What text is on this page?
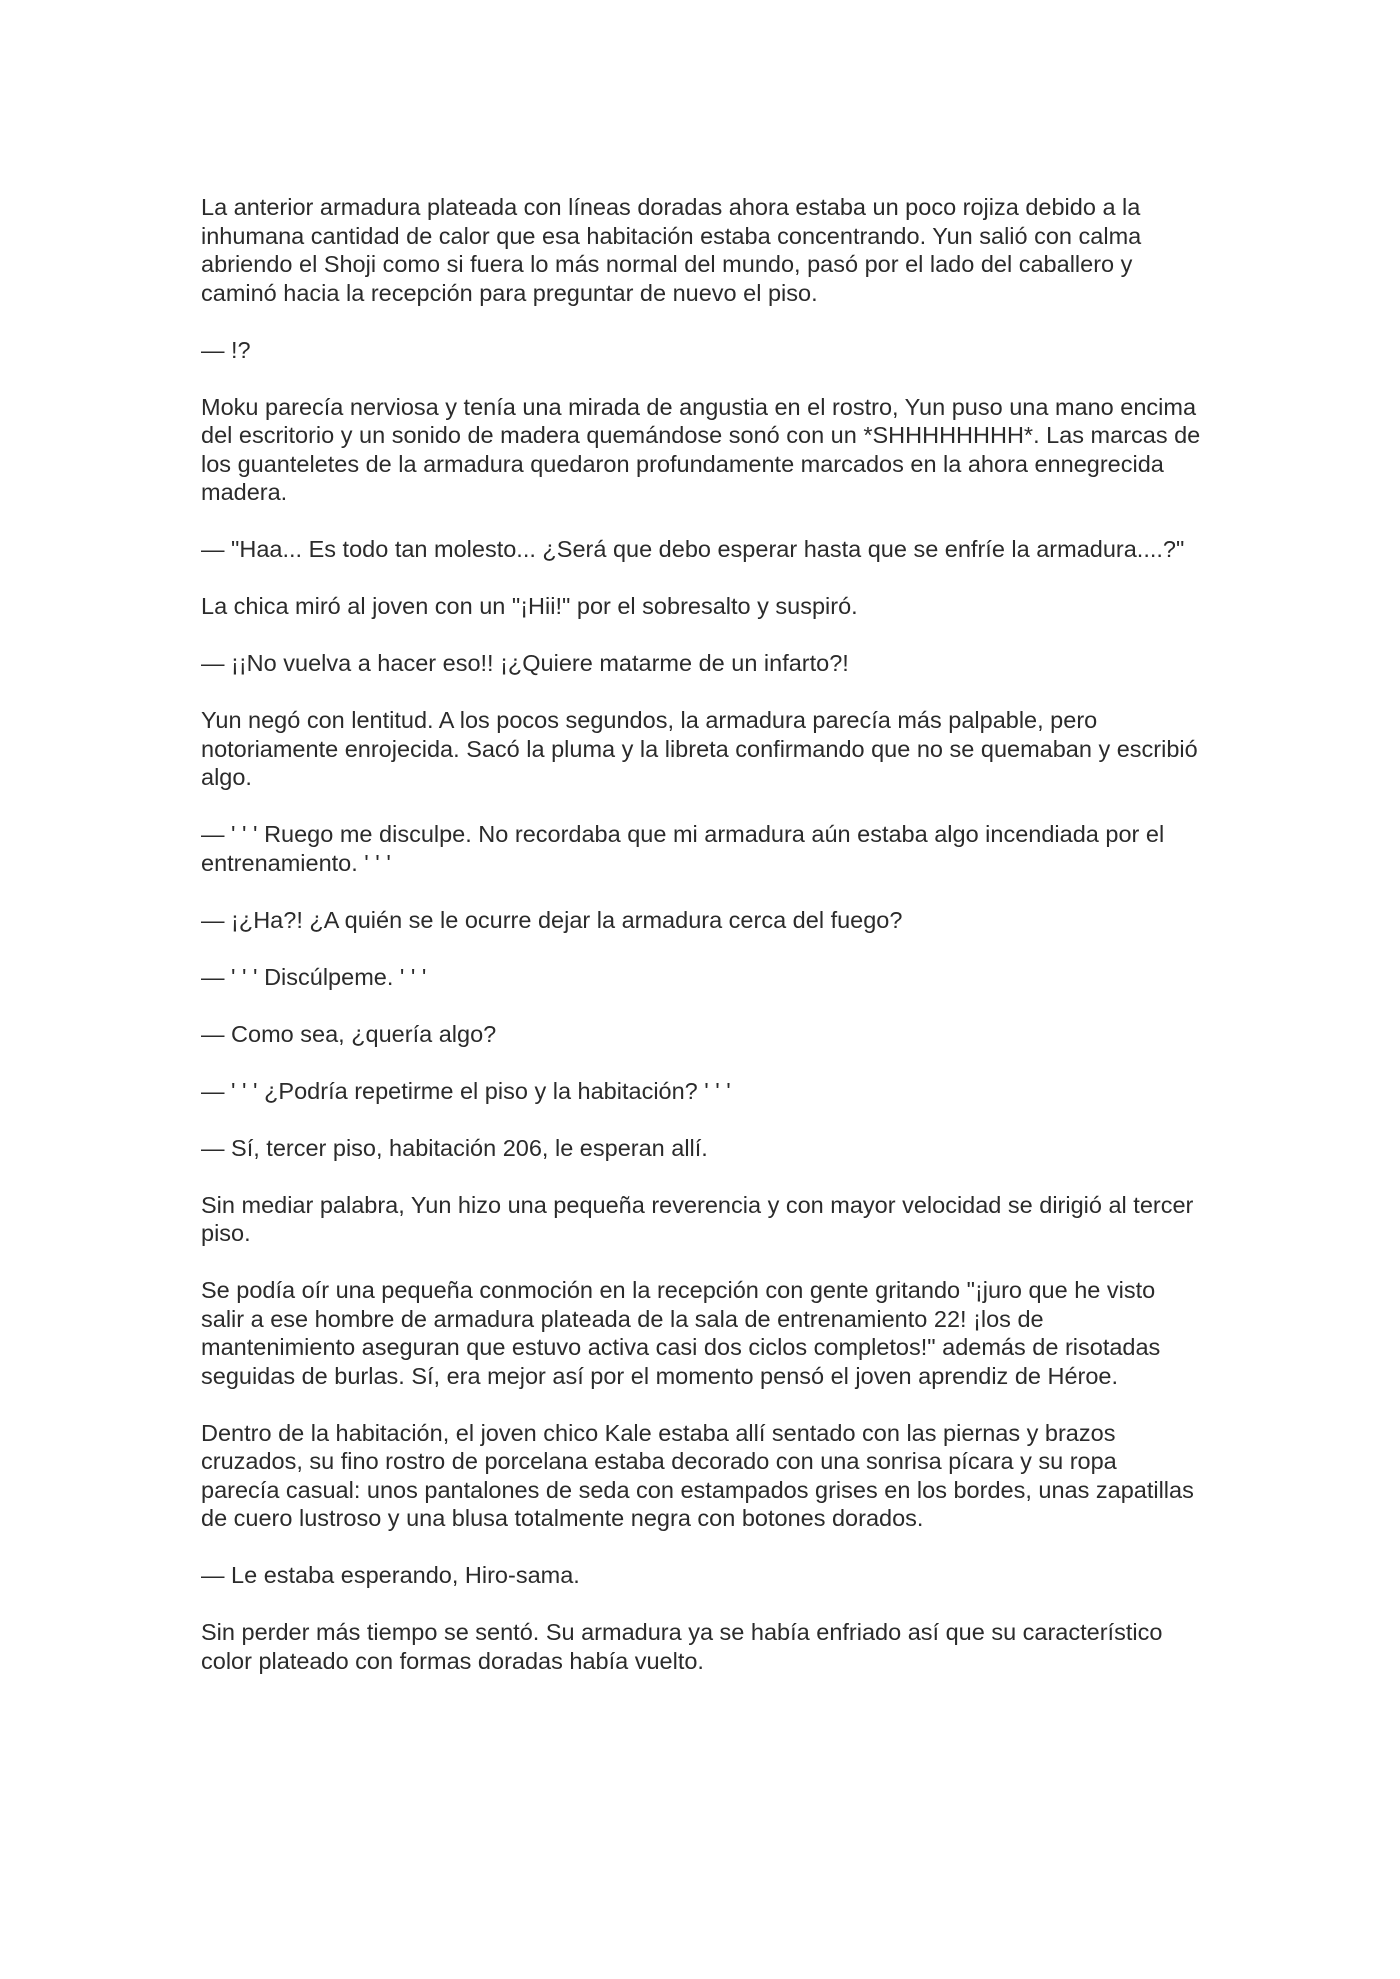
La anterior armadura plateada con líneas doradas ahora estaba un poco rojiza debido a la inhumana cantidad de calor que esa habitación estaba concentrando. Yun salió con calma abriendo el Shoji como si fuera lo más normal del mundo, pasó por el lado del caballero y caminó hacia la recepción para preguntar de nuevo el piso.

— !?

Moku parecía nerviosa y tenía una mirada de angustia en el rostro, Yun puso una mano encima del escritorio y un sonido de madera quemándose sonó con un *SHHHHHHHH*. Las marcas de los guanteletes de la armadura quedaron profundamente marcados en la ahora ennegrecida madera.

— "Haa... Es todo tan molesto... ¿Será que debo esperar hasta que se enfríe la armadura....?"

La chica miró al joven con un "¡Hii!" por el sobresalto y suspiró.

— ¡¡No vuelva a hacer eso!! ¡¿Quiere matarme de un infarto?!

Yun negó con lentitud. A los pocos segundos, la armadura parecía más palpable, pero notoriamente enrojecida. Sacó la pluma y la libreta confirmando que no se quemaban y escribió algo.

— ' ' ' Ruego me disculpe. No recordaba que mi armadura aún estaba algo incendiada por el entrenamiento. ' ' '

— ¡¿Ha?! ¿A quién se le ocurre dejar la armadura cerca del fuego?

— ' ' ' Discúlpeme. ' ' '

— Como sea, ¿quería algo?

— ' ' ' ¿Podría repetirme el piso y la habitación? ' ' '

— Sí, tercer piso, habitación 206, le esperan allí.

Sin mediar palabra, Yun hizo una pequeña reverencia y con mayor velocidad se dirigió al tercer piso.

Se podía oír una pequeña conmoción en la recepción con gente gritando "¡juro que he visto salir a ese hombre de armadura plateada de la sala de entrenamiento 22! ¡los de mantenimiento aseguran que estuvo activa casi dos ciclos completos!" además de risotadas seguidas de burlas. Sí, era mejor así por el momento pensó el joven aprendiz de Héroe.

Dentro de la habitación, el joven chico Kale estaba allí sentado con las piernas y brazos cruzados, su fino rostro de porcelana estaba decorado con una sonrisa pícara y su ropa parecía casual: unos pantalones de seda con estampados grises en los bordes, unas zapatillas de cuero lustroso y una blusa totalmente negra con botones dorados.

— Le estaba esperando, Hiro-sama.

Sin perder más tiempo se sentó. Su armadura ya se había enfriado así que su característico color plateado con formas doradas había vuelto.
